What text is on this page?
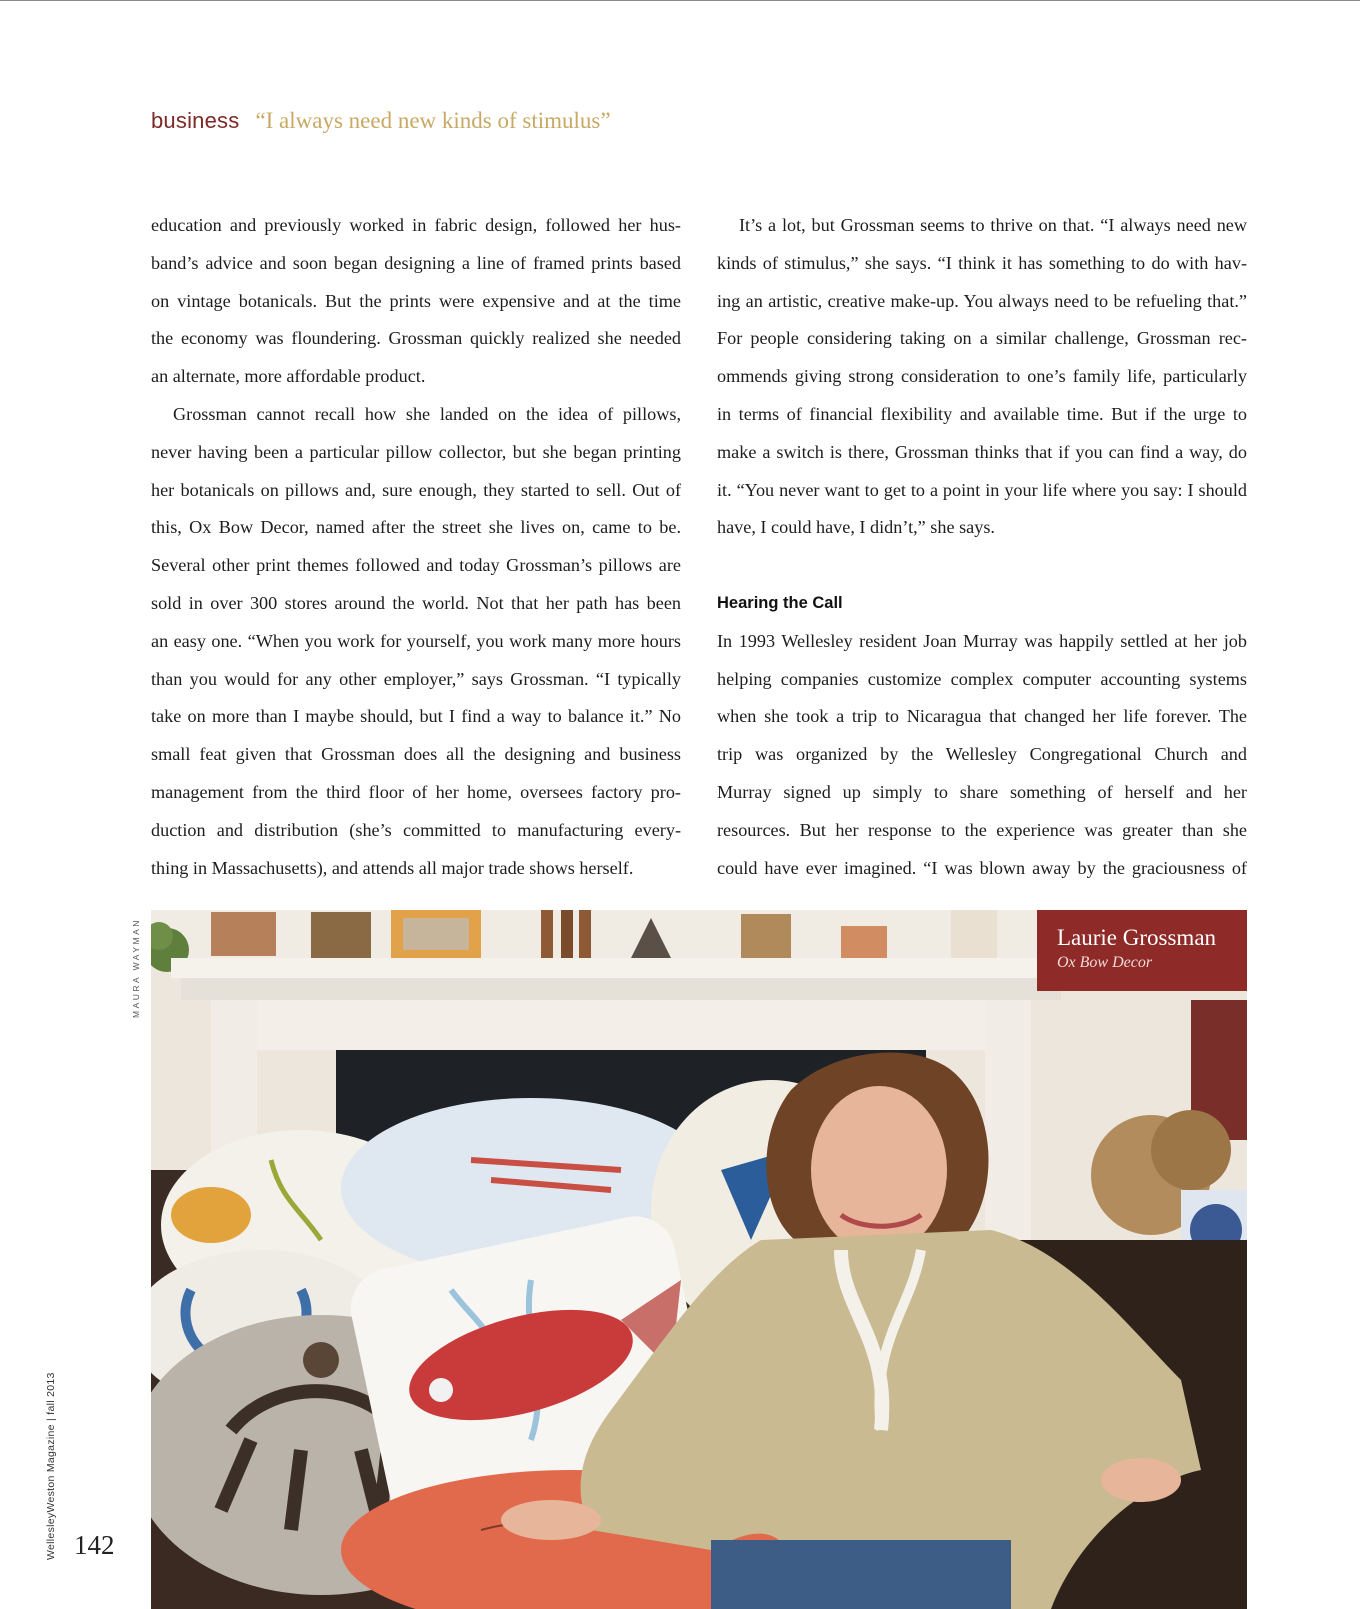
business “I always need new kinds of stimulus”
education and previously worked in fabric design, followed her hus-
band’s advice and soon began designing a line of framed prints based
on vintage botanicals. But the prints were expensive and at the time
the economy was floundering. Grossman quickly realized she needed
an alternate, more affordable product.
Grossman cannot recall how she landed on the idea of pillows,
never having been a particular pillow collector, but she began printing
her botanicals on pillows and, sure enough, they started to sell. Out of
this, Ox Bow Decor, named after the street she lives on, came to be.
Several other print themes followed and today Grossman’s pillows are
sold in over 300 stores around the world. Not that her path has been
an easy one. “When you work for yourself, you work many more hours
than you would for any other employer,” says Grossman. “I typically
take on more than I maybe should, but I find a way to balance it.” No
small feat given that Grossman does all the designing and business
management from the third floor of her home, oversees factory pro-
duction and distribution (she’s committed to manufacturing every-
thing in Massachusetts), and attends all major trade shows herself.
It’s a lot, but Grossman seems to thrive on that. “I always need new
kinds of stimulus,” she says. “I think it has something to do with hav-
ing an artistic, creative make-up. You always need to be refueling that.”
For people considering taking on a similar challenge, Grossman rec-
ommends giving strong consideration to one’s family life, particularly
in terms of financial flexibility and available time. But if the urge to
make a switch is there, Grossman thinks that if you can find a way, do
it. “You never want to get to a point in your life where you say: I should
have, I could have, I didn’t,” she says.
Hearing the Call
In 1993 Wellesley resident Joan Murray was happily settled at her job
helping companies customize complex computer accounting systems
when she took a trip to Nicaragua that changed her life forever. The
trip was organized by the Wellesley Congregational Church and
Murray signed up simply to share something of herself and her
resources. But her response to the experience was greater than she
could have ever imagined. “I was blown away by the graciousness of
MAURA WAYMAN	Laurie Grossman
Ox Bow Decor
WellesleyWeston Magazine | fall 2013 142
